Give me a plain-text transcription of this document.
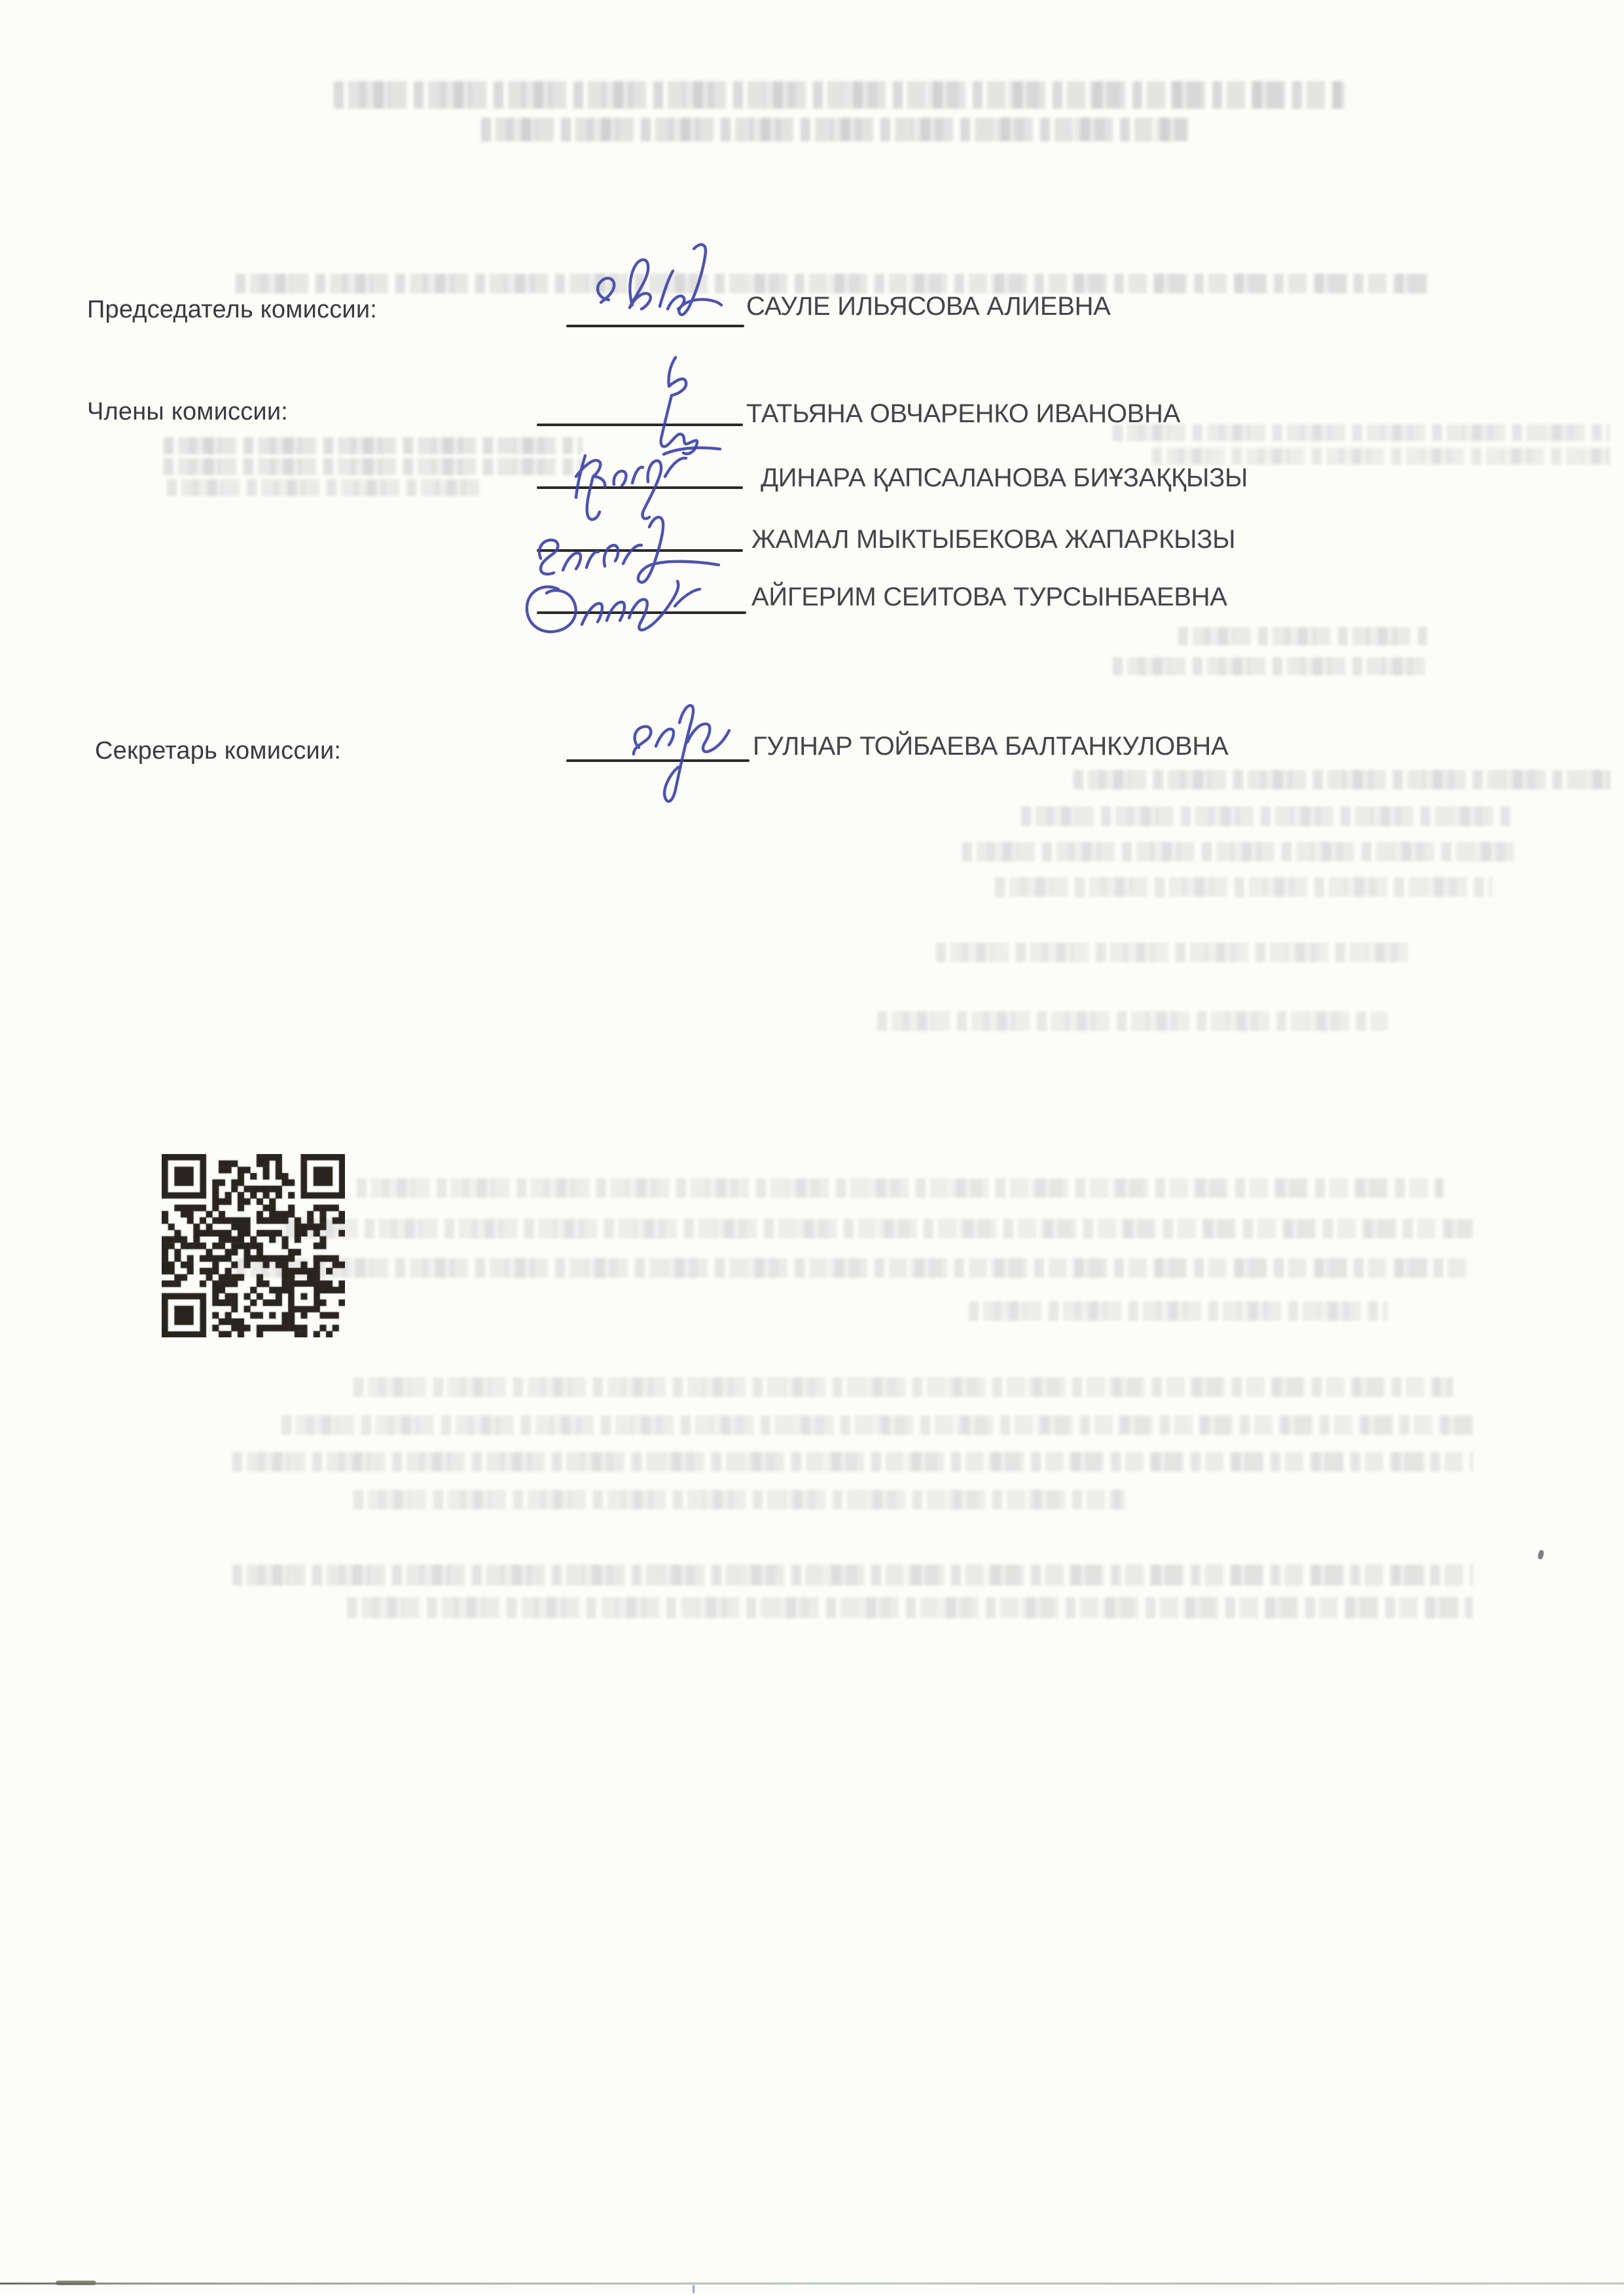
Председатель комиссии:	САУЛЕ ИЛЬЯСОВА АЛИЕВНА
Члены комиссии:	ТАТЬЯНА ОВЧАРЕНКО ИВАНОВНА
ДИНАРА ҚАПСАЛАНОВА БИҰЗАҚҚЫЗЫ
ЖАМАЛ МЫКТЫБЕКОВА ЖАПАРКЫЗЫ
АЙГЕРИМ СЕИТОВА ТУРСЫНБАЕВНА
Секретарь комиссии:	ГУЛНАР ТОЙБАЕВА БАЛТАНКУЛОВНА
